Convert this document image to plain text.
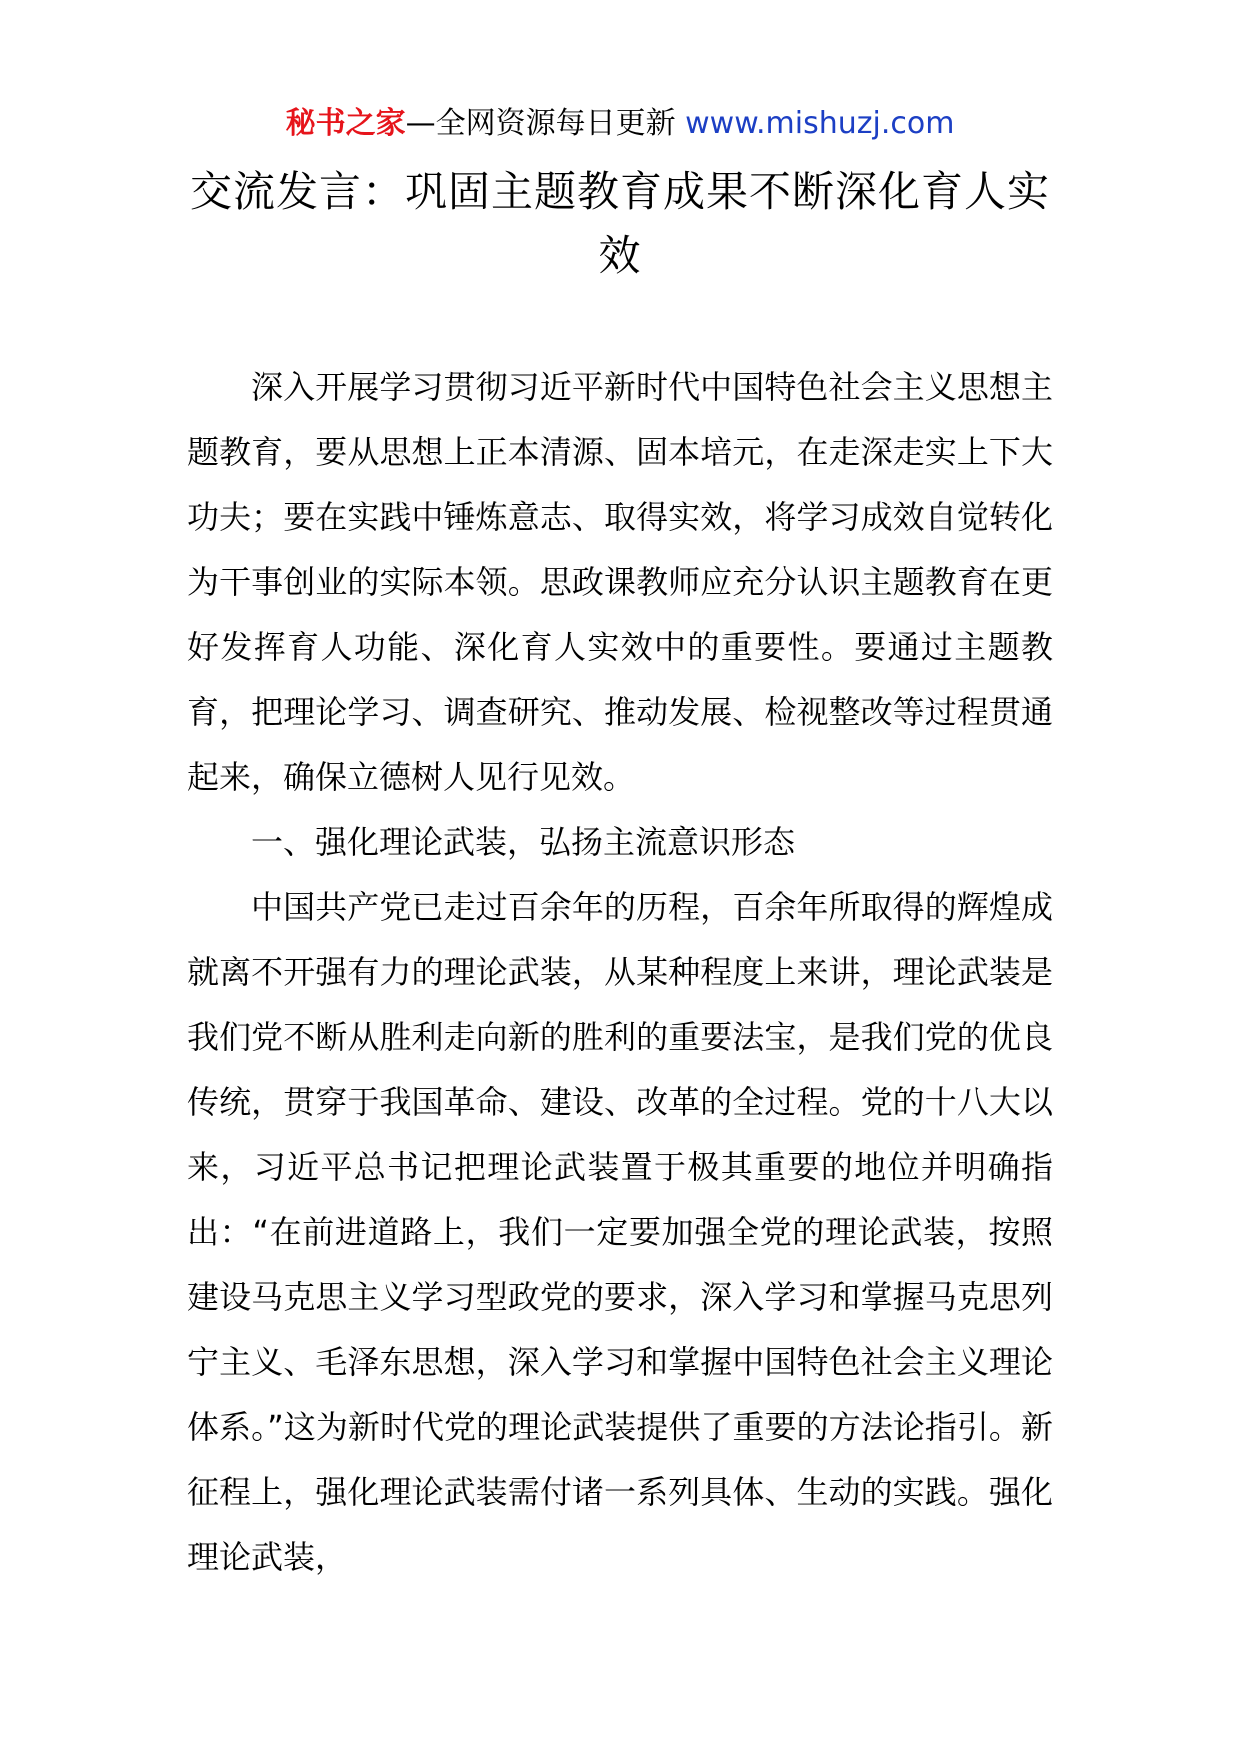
秘书之家—全网资源每日更新 www.mishuzj.com
交流发言：巩固主题教育成果不断深化育人实效

深入开展学习贯彻习近平新时代中国特色社会主义思想主题教育，要从思想上正本清源、固本培元，在走深走实上下大功夫；要在实践中锤炼意志、取得实效，将学习成效自觉转化为干事创业的实际本领。思政课教师应充分认识主题教育在更好发挥育人功能、深化育人实效中的重要性。要通过主题教育，把理论学习、调查研究、推动发展、检视整改等过程贯通起来，确保立德树人见行见效。

一、强化理论武装，弘扬主流意识形态

中国共产党已走过百余年的历程，百余年所取得的辉煌成就离不开强有力的理论武装，从某种程度上来讲，理论武装是我们党不断从胜利走向新的胜利的重要法宝，是我们党的优良传统，贯穿于我国革命、建设、改革的全过程。党的十八大以来，习近平总书记把理论武装置于极其重要的地位并明确指出：“在前进道路上，我们一定要加强全党的理论武装，按照建设马克思主义学习型政党的要求，深入学习和掌握马克思列宁主义、毛泽东思想，深入学习和掌握中国特色社会主义理论体系。”这为新时代党的理论武装提供了重要的方法论指引。新征程上，强化理论武装需付诸一系列具体、生动的实践。强化理论武装，
